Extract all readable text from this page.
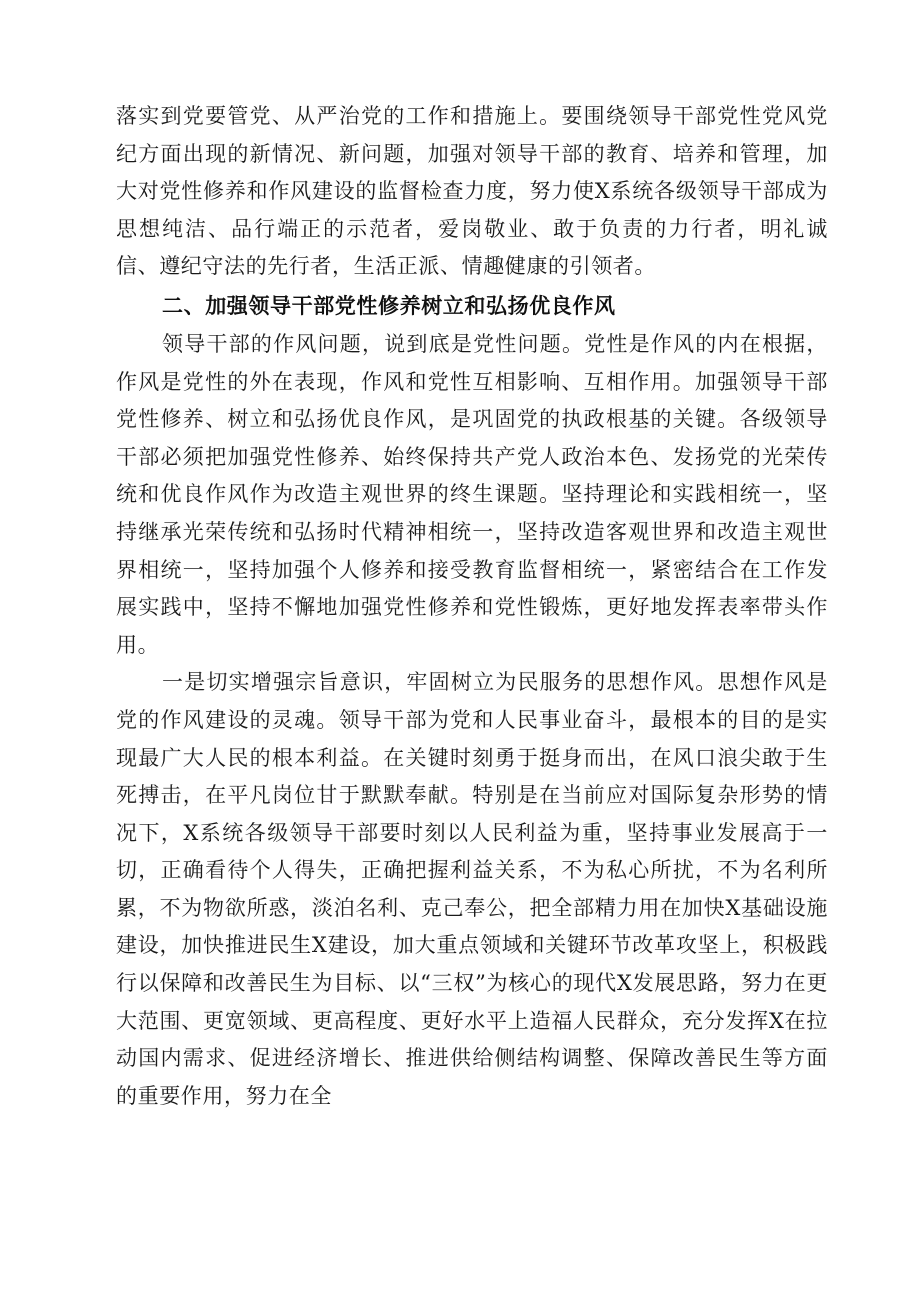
落实到党要管党、从严治党的工作和措施上。要围绕领导干部党性党风党纪方面出现的新情况、新问题，加强对领导干部的教育、培养和管理，加大对党性修养和作风建设的监督检查力度，努力使X系统各级领导干部成为思想纯洁、品行端正的示范者，爱岗敬业、敢于负责的力行者，明礼诚信、遵纪守法的先行者，生活正派、情趣健康的引领者。

二、加强领导干部党性修养树立和弘扬优良作风

领导干部的作风问题，说到底是党性问题。党性是作风的内在根据，作风是党性的外在表现，作风和党性互相影响、互相作用。加强领导干部党性修养、树立和弘扬优良作风，是巩固党的执政根基的关键。各级领导干部必须把加强党性修养、始终保持共产党人政治本色、发扬党的光荣传统和优良作风作为改造主观世界的终生课题。坚持理论和实践相统一，坚持继承光荣传统和弘扬时代精神相统一，坚持改造客观世界和改造主观世界相统一，坚持加强个人修养和接受教育监督相统一，紧密结合在工作发展实践中，坚持不懈地加强党性修养和党性锻炼，更好地发挥表率带头作用。

一是切实增强宗旨意识，牢固树立为民服务的思想作风。思想作风是党的作风建设的灵魂。领导干部为党和人民事业奋斗，最根本的目的是实现最广大人民的根本利益。在关键时刻勇于挺身而出，在风口浪尖敢于生死搏击，在平凡岗位甘于默默奉献。特别是在当前应对国际复杂形势的情况下，X系统各级领导干部要时刻以人民利益为重，坚持事业发展高于一切，正确看待个人得失，正确把握利益关系，不为私心所扰，不为名利所累，不为物欲所惑，淡泊名利、克己奉公，把全部精力用在加快X基础设施建设，加快推进民生X建设，加大重点领域和关键环节改革攻坚上，积极践行以保障和改善民生为目标、以“三权”为核心的现代X发展思路，努力在更大范围、更宽领域、更高程度、更好水平上造福人民群众，充分发挥X在拉动国内需求、促进经济增长、推进供给侧结构调整、保障改善民生等方面的重要作用，努力在全
